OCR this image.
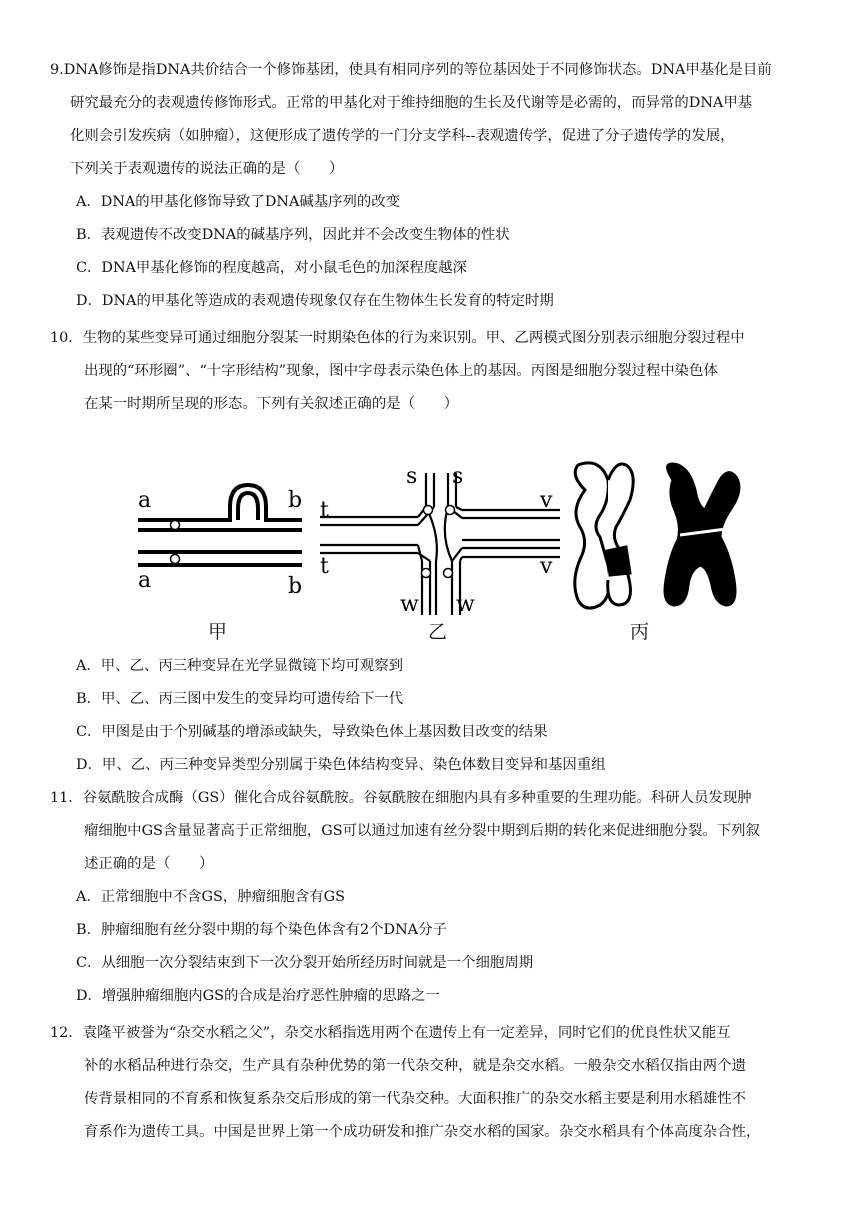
9.DNA修饰是指DNA共价结合一个修饰基团，使具有相同序列的等位基因处于不同修饰状态。DNA甲基化是目前

研究最充分的表观遗传修饰形式。正常的甲基化对于维持细胞的生长及代谢等是必需的，而异常的DNA甲基

化则会引发疾病（如肿瘤），这便形成了遗传学的一门分支学科--表观遗传学，促进了分子遗传学的发展，

下列关于表观遗传的说法正确的是（　　）

A．DNA的甲基化修饰导致了DNA碱基序列的改变

B．表观遗传不改变DNA的碱基序列，因此并不会改变生物体的性状

C．DNA甲基化修饰的程度越高，对小鼠毛色的加深程度越深

D．DNA的甲基化等造成的表观遗传现象仅存在生物体生长发育的特定时期

10．生物的某些变异可通过细胞分裂某一时期染色体的行为来识别。甲、乙两模式图分别表示细胞分裂过程中

出现的“环形圈”、“十字形结构”现象，图中字母表示染色体上的基因。丙图是细胞分裂过程中染色体

在某一时期所呈现的形态。下列有关叙述正确的是（　　）

a
a
b
b
s s
t
t
v
v
w w
甲	乙	丙

A．甲、乙、丙三种变异在光学显微镜下均可观察到

B．甲、乙、丙三图中发生的变异均可遗传给下一代

C．甲图是由于个别碱基的增添或缺失，导致染色体上基因数目改变的结果

D．甲、乙、丙三种变异类型分别属于染色体结构变异、染色体数目变异和基因重组

11．谷氨酰胺合成酶（GS）催化合成谷氨酰胺。谷氨酰胺在细胞内具有多种重要的生理功能。科研人员发现肿

瘤细胞中GS含量显著高于正常细胞，GS可以通过加速有丝分裂中期到后期的转化来促进细胞分裂。下列叙

述正确的是（　　）

A．正常细胞中不含GS，肿瘤细胞含有GS

B．肿瘤细胞有丝分裂中期的每个染色体含有2个DNA分子

C．从细胞一次分裂结束到下一次分裂开始所经历时间就是一个细胞周期

D．增强肿瘤细胞内GS的合成是治疗恶性肿瘤的思路之一

12．袁隆平被誉为“杂交水稻之父”，杂交水稻指选用两个在遗传上有一定差异，同时它们的优良性状又能互

补的水稻品种进行杂交，生产具有杂种优势的第一代杂交种，就是杂交水稻。一般杂交水稻仅指由两个遗

传背景相同的不育系和恢复系杂交后形成的第一代杂交种。大面积推广的杂交水稻主要是利用水稻雄性不

育系作为遗传工具。中国是世界上第一个成功研发和推广杂交水稻的国家。杂交水稻具有个体高度杂合性，
